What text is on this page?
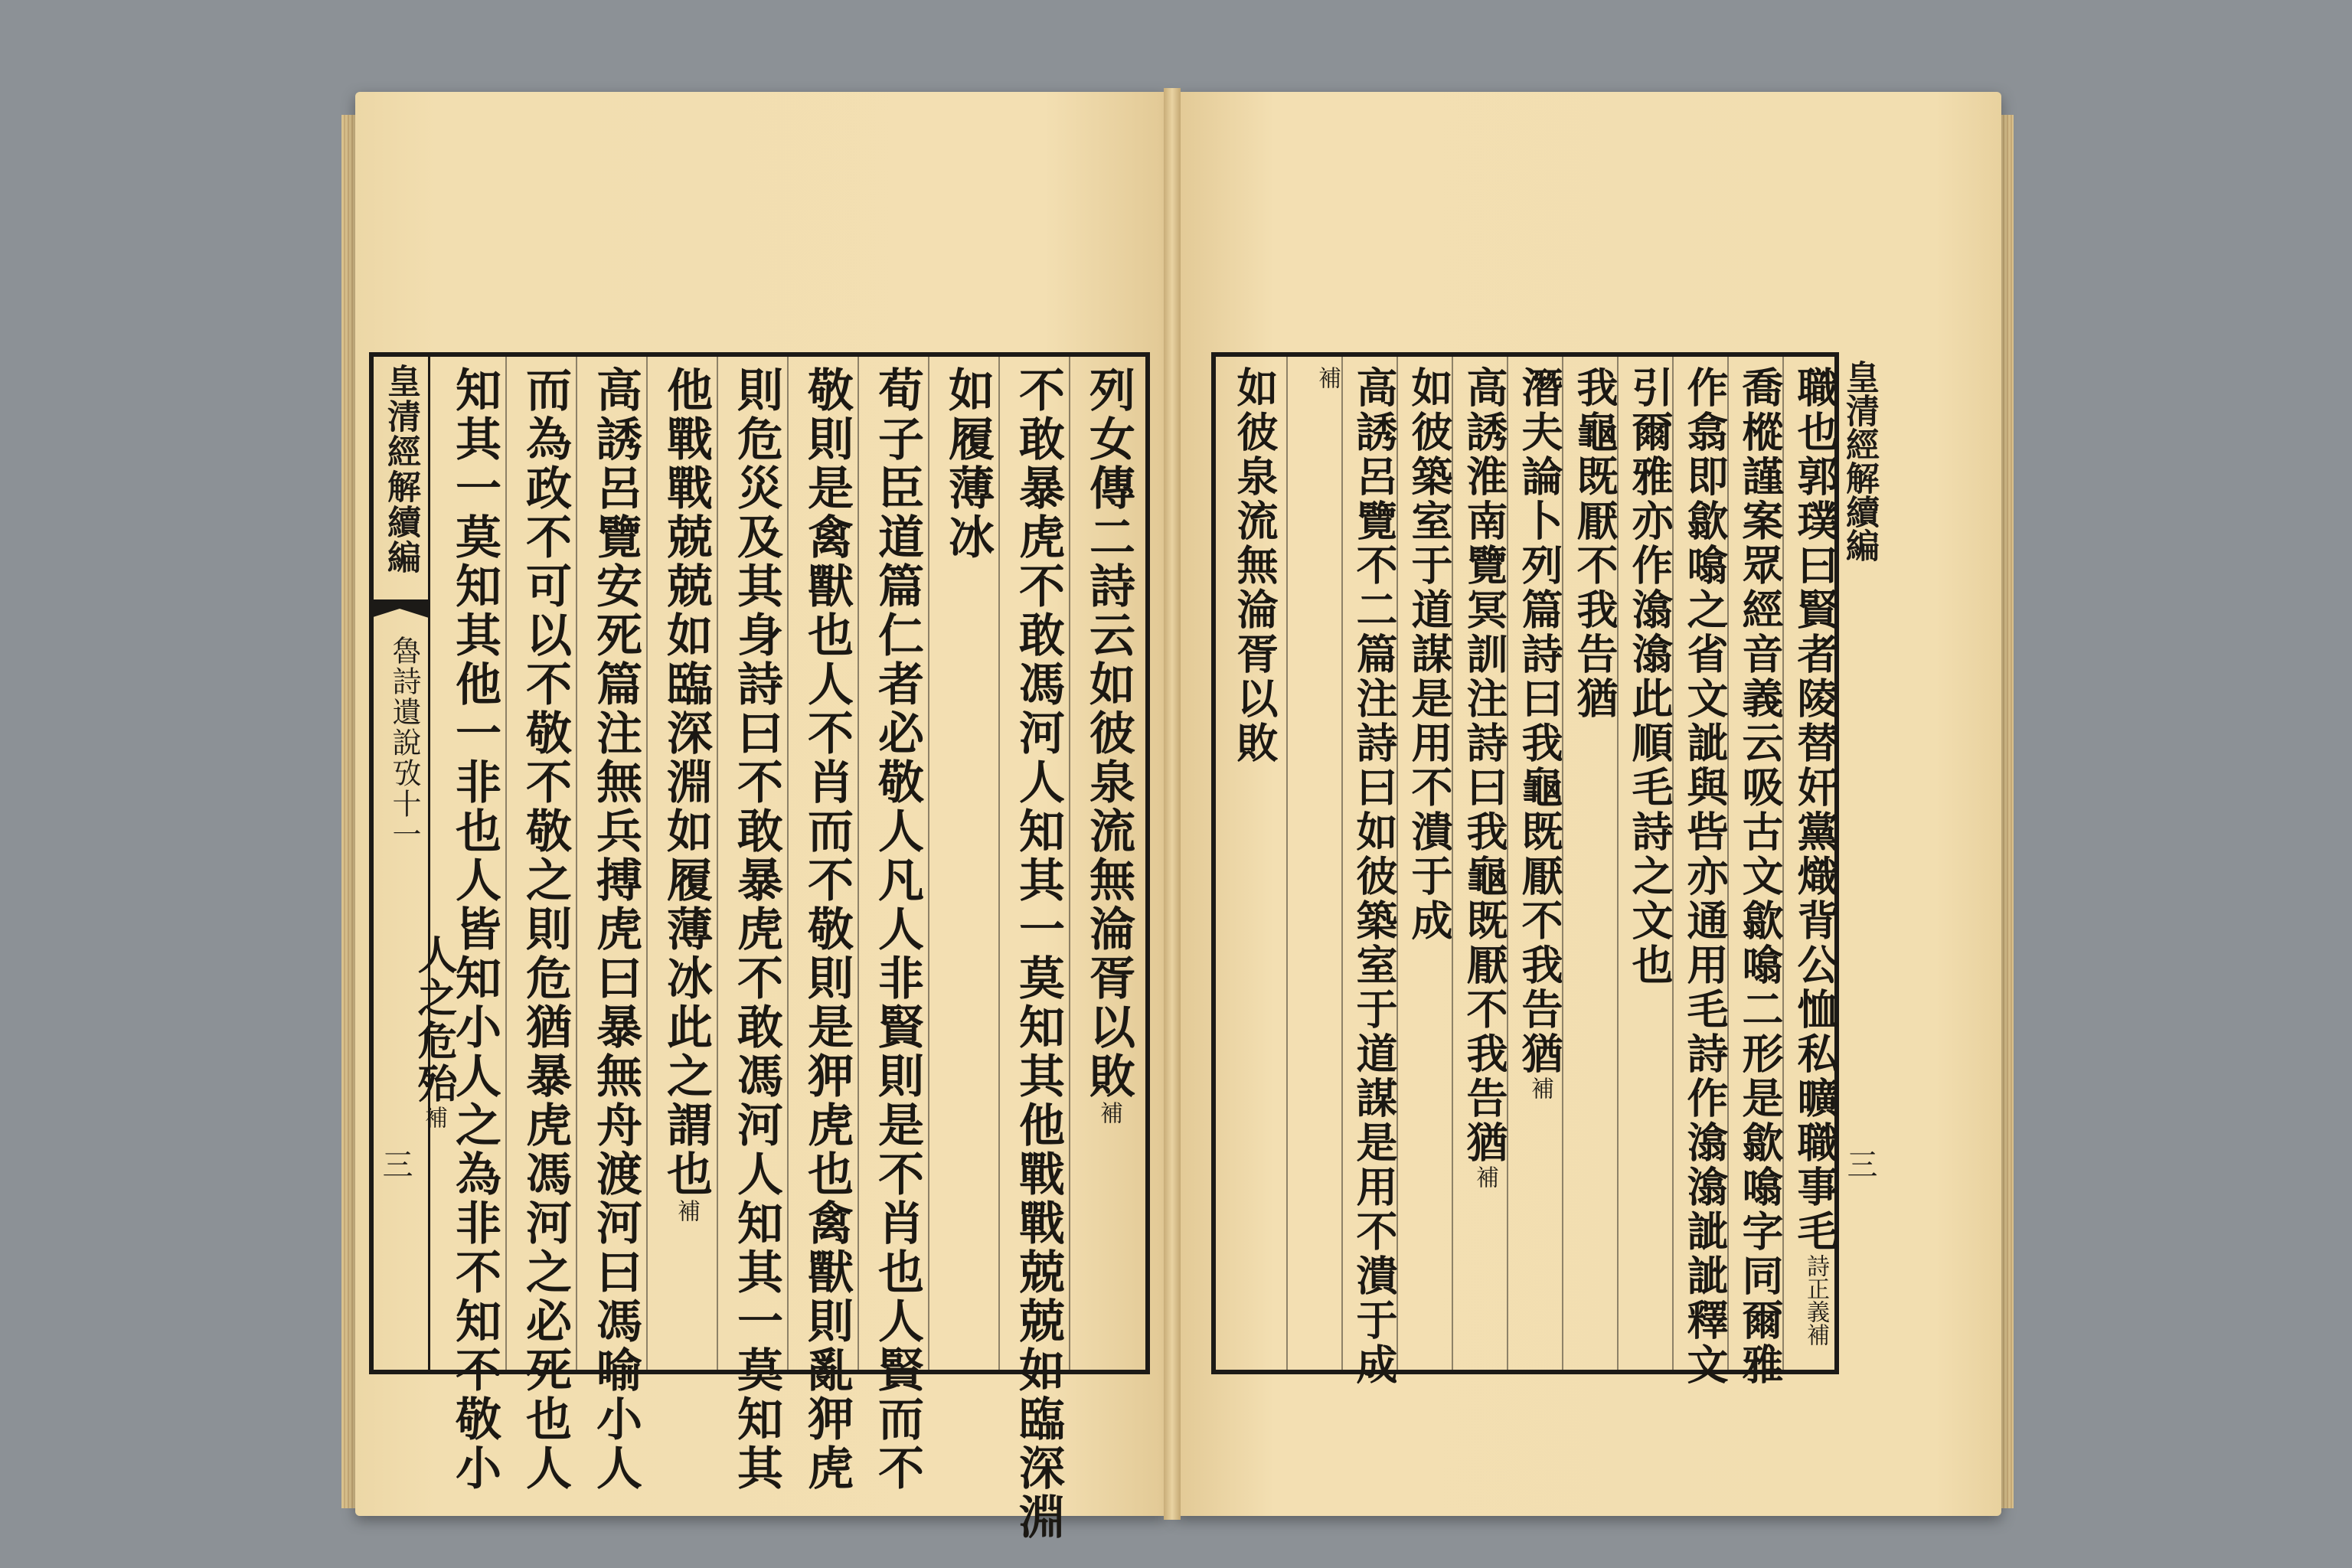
皇清經解續編
魯詩遺說攷十一
三
列女傳二詩云如彼泉流無淪胥以敗補
不敢暴虎不敢馮河人知其一莫知其他戰戰兢兢如臨深淵
如履薄冰
荀子臣道篇仁者必敬人凡人非賢則是不肖也人賢而不
敬則是禽獸也人不肖而不敬則是狎虎也禽獸則亂狎虎
則危災及其身詩曰不敢暴虎不敢馮河人知其一莫知其
他戰戰兢兢如臨深淵如履薄冰此之謂也補
高誘呂覽安死篇注無兵搏虎曰暴無舟渡河曰馮喻小人
而為政不可以不敬不敬之則危猶暴虎馮河之必死也人
知其一莫知其他一非也人皆知小人之為非不知不敬小	皇清經解續編
三
職也郭璞曰賢者陵替奸黨熾背公恤私曠職事毛詩正義補
喬樅謹案眾經音義云吸古文歙噏二形是歙噏字同爾雅
作翕即歙噏之省文訿與呰亦通用毛詩作潝潝訿訿釋文
引爾雅亦作潝潝此順毛詩之文也
我龜既厭不我告猶
潛夫論卜列篇詩曰我龜既厭不我告猶補
高誘淮南覽冥訓注詩曰我龜既厭不我告猶補
如彼築室于道謀是用不潰于成
高誘呂覽不二篇注詩曰如彼築室于道謀是用不潰于成
補
如彼泉流無淪胥以敗
人之危殆補
